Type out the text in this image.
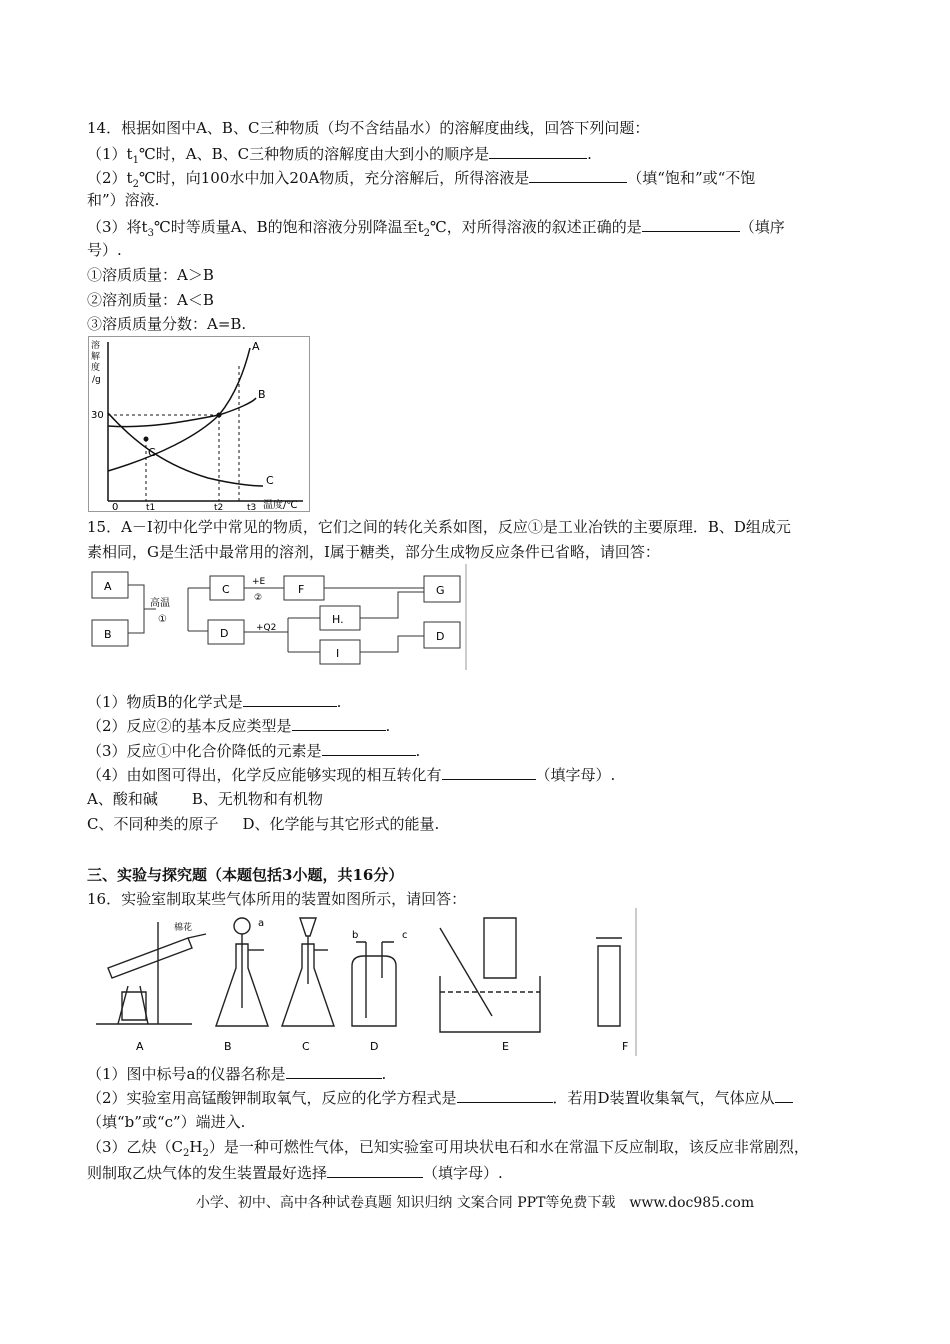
14．根据如图中A、B、C三种物质（均不含结晶水）的溶解度曲线，回答下列问题：
$(1)t_1℃$时，A、B、C三种物质的溶解度由大到小的顺序是	.
$(2)t_2℃$时，向100水中加入20A物质，充分溶解后，所得溶液是	（填“饱和”或“不饱
和”）溶液.
（3）将$t_3℃$时等质量A、B的饱和溶液分别降温至$t_2℃$，对所得溶液的叙述正确的是	（填序
号）.
①溶质质量：A＞B
②溶剂质量：A＜B
③溶质质量分数：A=B.
溶
解
度
/g
30
0	t1	t2	t3 温度/℃
A
B
C
C
15．A－I初中化学中常见的物质，它们之间的转化关系如图，反应①是工业冶铁的主要原理．B、D组成元
素相同，G是生活中最常用的溶剂，I属于糖类，部分生成物反应条件已省略，请回答：
A
B
C	F
D
H.
I
G
D
高温
①
+E
②
+Q2
（1）物质B的化学式是	.
（2）反应②的基本反应类型是	.
（3）反应①中化合价降低的元素是	.
（4）由如图可得出，化学反应能够实现的相互转化有	（填字母）.
A、酸和碱 B、无机物和有机物
C、不同种类的原子 D、化学能与其它形式的能量.
三、实验与探究题（本题包括3小题，共16分）
16．实验室制取某些气体所用的装置如图所示，请回答：
棉花	a
b	c
A	B	C	D	E	F
（1）图中标号a的仪器名称是	.
（2）实验室用高锰酸钾制取氧气，反应的化学方程式是	．若用D装置收集氧气，气体应从
（填“b”或“c”）端进入.
（3）乙炔$(C_2H_2)$是一种可燃性气体，已知实验室可用块状电石和水在常温下反应制取，该反应非常剧烈，
则制取乙炔气体的发生装置最好选择	（填字母）.
小学、初中、高中各种试卷真题 知识归纳 文案合同 PPT等免费下载　www.doc985.com
